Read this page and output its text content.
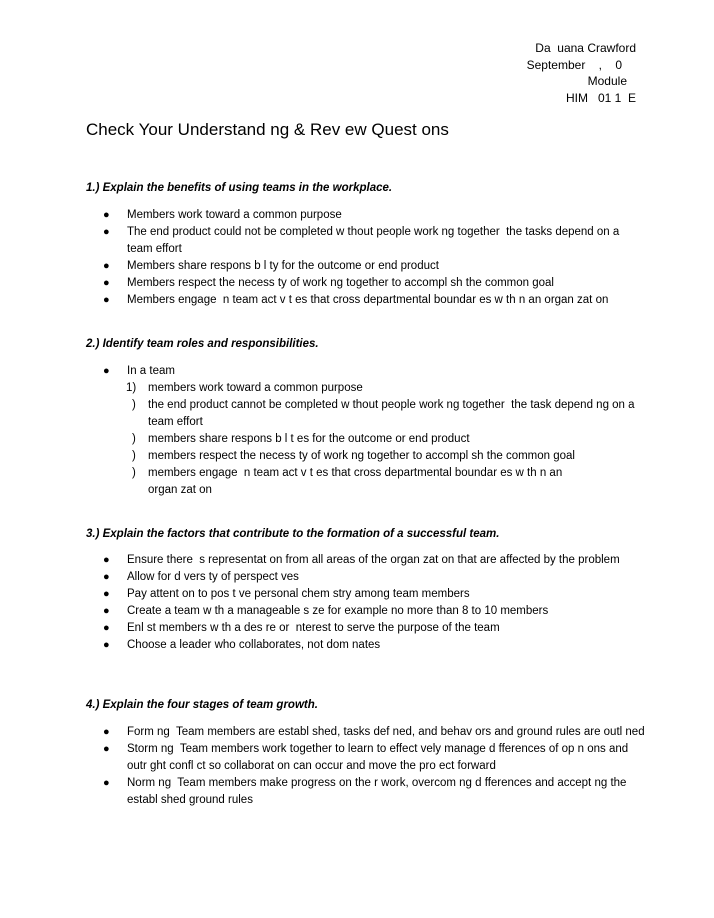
Da  uana Crawford
September    ,    0
Module
HIM   01 1  E
Check Your Understand ng & Rev ew Quest ons

1.) Explain the benefits of using teams in the workplace.

● Members work toward a common purpose
● The end product could not be completed w thout people work ng together  the tasks depend on a team effort
● Members share respons b l ty for the outcome or end product
● Members respect the necess ty of work ng together to accompl sh the common goal
● Members engage  n team act v t es that cross departmental boundar es w th n an organ zat on

2.) Identify team roles and responsibilities.

● In a team
1) members work toward a common purpose
) the end product cannot be completed w thout people work ng together  the task depend ng on a team effort
) members share respons b l t es for the outcome or end product
) members respect the necess ty of work ng together to accompl sh the common goal
) members engage  n team act v t es that cross departmental boundar es w th n an organ zat on

3.) Explain the factors that contribute to the formation of a successful team.

● Ensure there  s representat on from all areas of the organ zat on that are affected by the problem
● Allow for d vers ty of perspect ves
● Pay attent on to pos t ve personal chem stry among team members
● Create a team w th a manageable s ze for example no more than 8 to 10 members
● Enl st members w th a des re or  nterest to serve the purpose of the team
● Choose a leader who collaborates, not dom nates

4.) Explain the four stages of team growth.

● Form ng  Team members are establ shed, tasks def ned, and behav ors and ground rules are outl ned
● Storm ng  Team members work together to learn to effect vely manage d fferences of op n ons and outr ght confl ct so collaborat on can occur and move the pro ect forward
● Norm ng  Team members make progress on the r work, overcom ng d fferences and accept ng the establ shed ground rules
